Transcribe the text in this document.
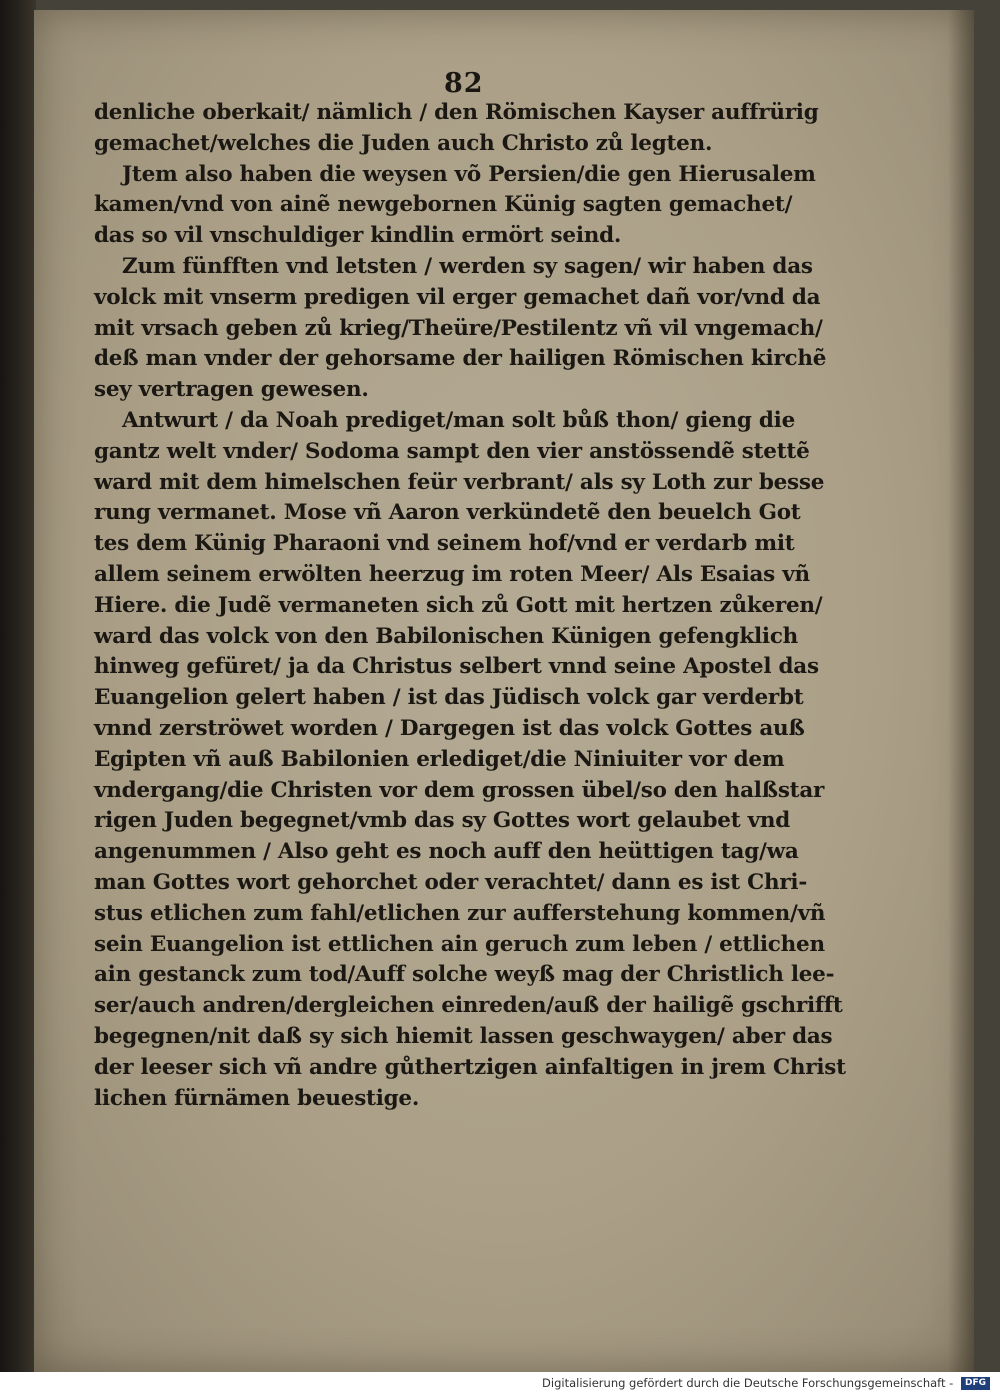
82
denliche oberkait/ nämlich / den Römischen Kayser auffrürig
gemachet/welches die Juden auch Christo zů legten.
Jtem also haben die weysen võ Persien/die gen Hierusalem
kamen/vnd von ainẽ newgebornen Künig sagten gemachet/
das so vil vnschuldiger kindlin ermört seind.
Zum fünfften vnd letsten / werden sy sagen/ wir haben das
volck mit vnserm predigen vil erger gemachet dañ vor/vnd da
mit vrsach geben zů krieg/Theüre/Pestilentz vñ vil vngemach/
deß man vnder der gehorsame der hailigen Römischen kirchẽ
sey vertragen gewesen.
Antwurt / da Noah prediget/man solt bůß thon/ gieng die
gantz welt vnder/ Sodoma sampt den vier anstössendẽ stettẽ
ward mit dem himelschen feür verbrant/ als sy Loth zur besse
rung vermanet. Mose vñ Aaron verkündetẽ den beuelch Got
tes dem Künig Pharaoni vnd seinem hof/vnd er verdarb mit
allem seinem erwölten heerzug im roten Meer/ Als Esaias vñ
Hiere. die Judẽ vermaneten sich zů Gott mit hertzen zůkeren/
ward das volck von den Babilonischen Künigen gefengklich
hinweg gefüret/ ja da Christus selbert vnnd seine Apostel das
Euangelion gelert haben / ist das Jüdisch volck gar verderbt
vnnd zerströwet worden / Dargegen ist das volck Gottes auß
Egipten vñ auß Babilonien erlediget/die Niniuiter vor dem
vndergang/die Christen vor dem grossen übel/so den halßstar
rigen Juden begegnet/vmb das sy Gottes wort gelaubet vnd
angenummen / Also geht es noch auff den heüttigen tag/wa
man Gottes wort gehorchet oder verachtet/ dann es ist Chri-
stus etlichen zum fahl/etlichen zur aufferstehung kommen/vñ
sein Euangelion ist ettlichen ain geruch zum leben / ettlichen
ain gestanck zum tod/Auff solche weyß mag der Christlich lee-
ser/auch andren/dergleichen einreden/auß der hailigẽ gschrifft
begegnen/nit daß sy sich hiemit lassen geschwaygen/ aber das
der leeser sich vñ andre gůthertzigen ainfaltigen in jrem Christ
lichen fürnämen beuestige.
Digitalisierung gefördert durch die Deutsche Forschungsgemeinschaft - DFG
